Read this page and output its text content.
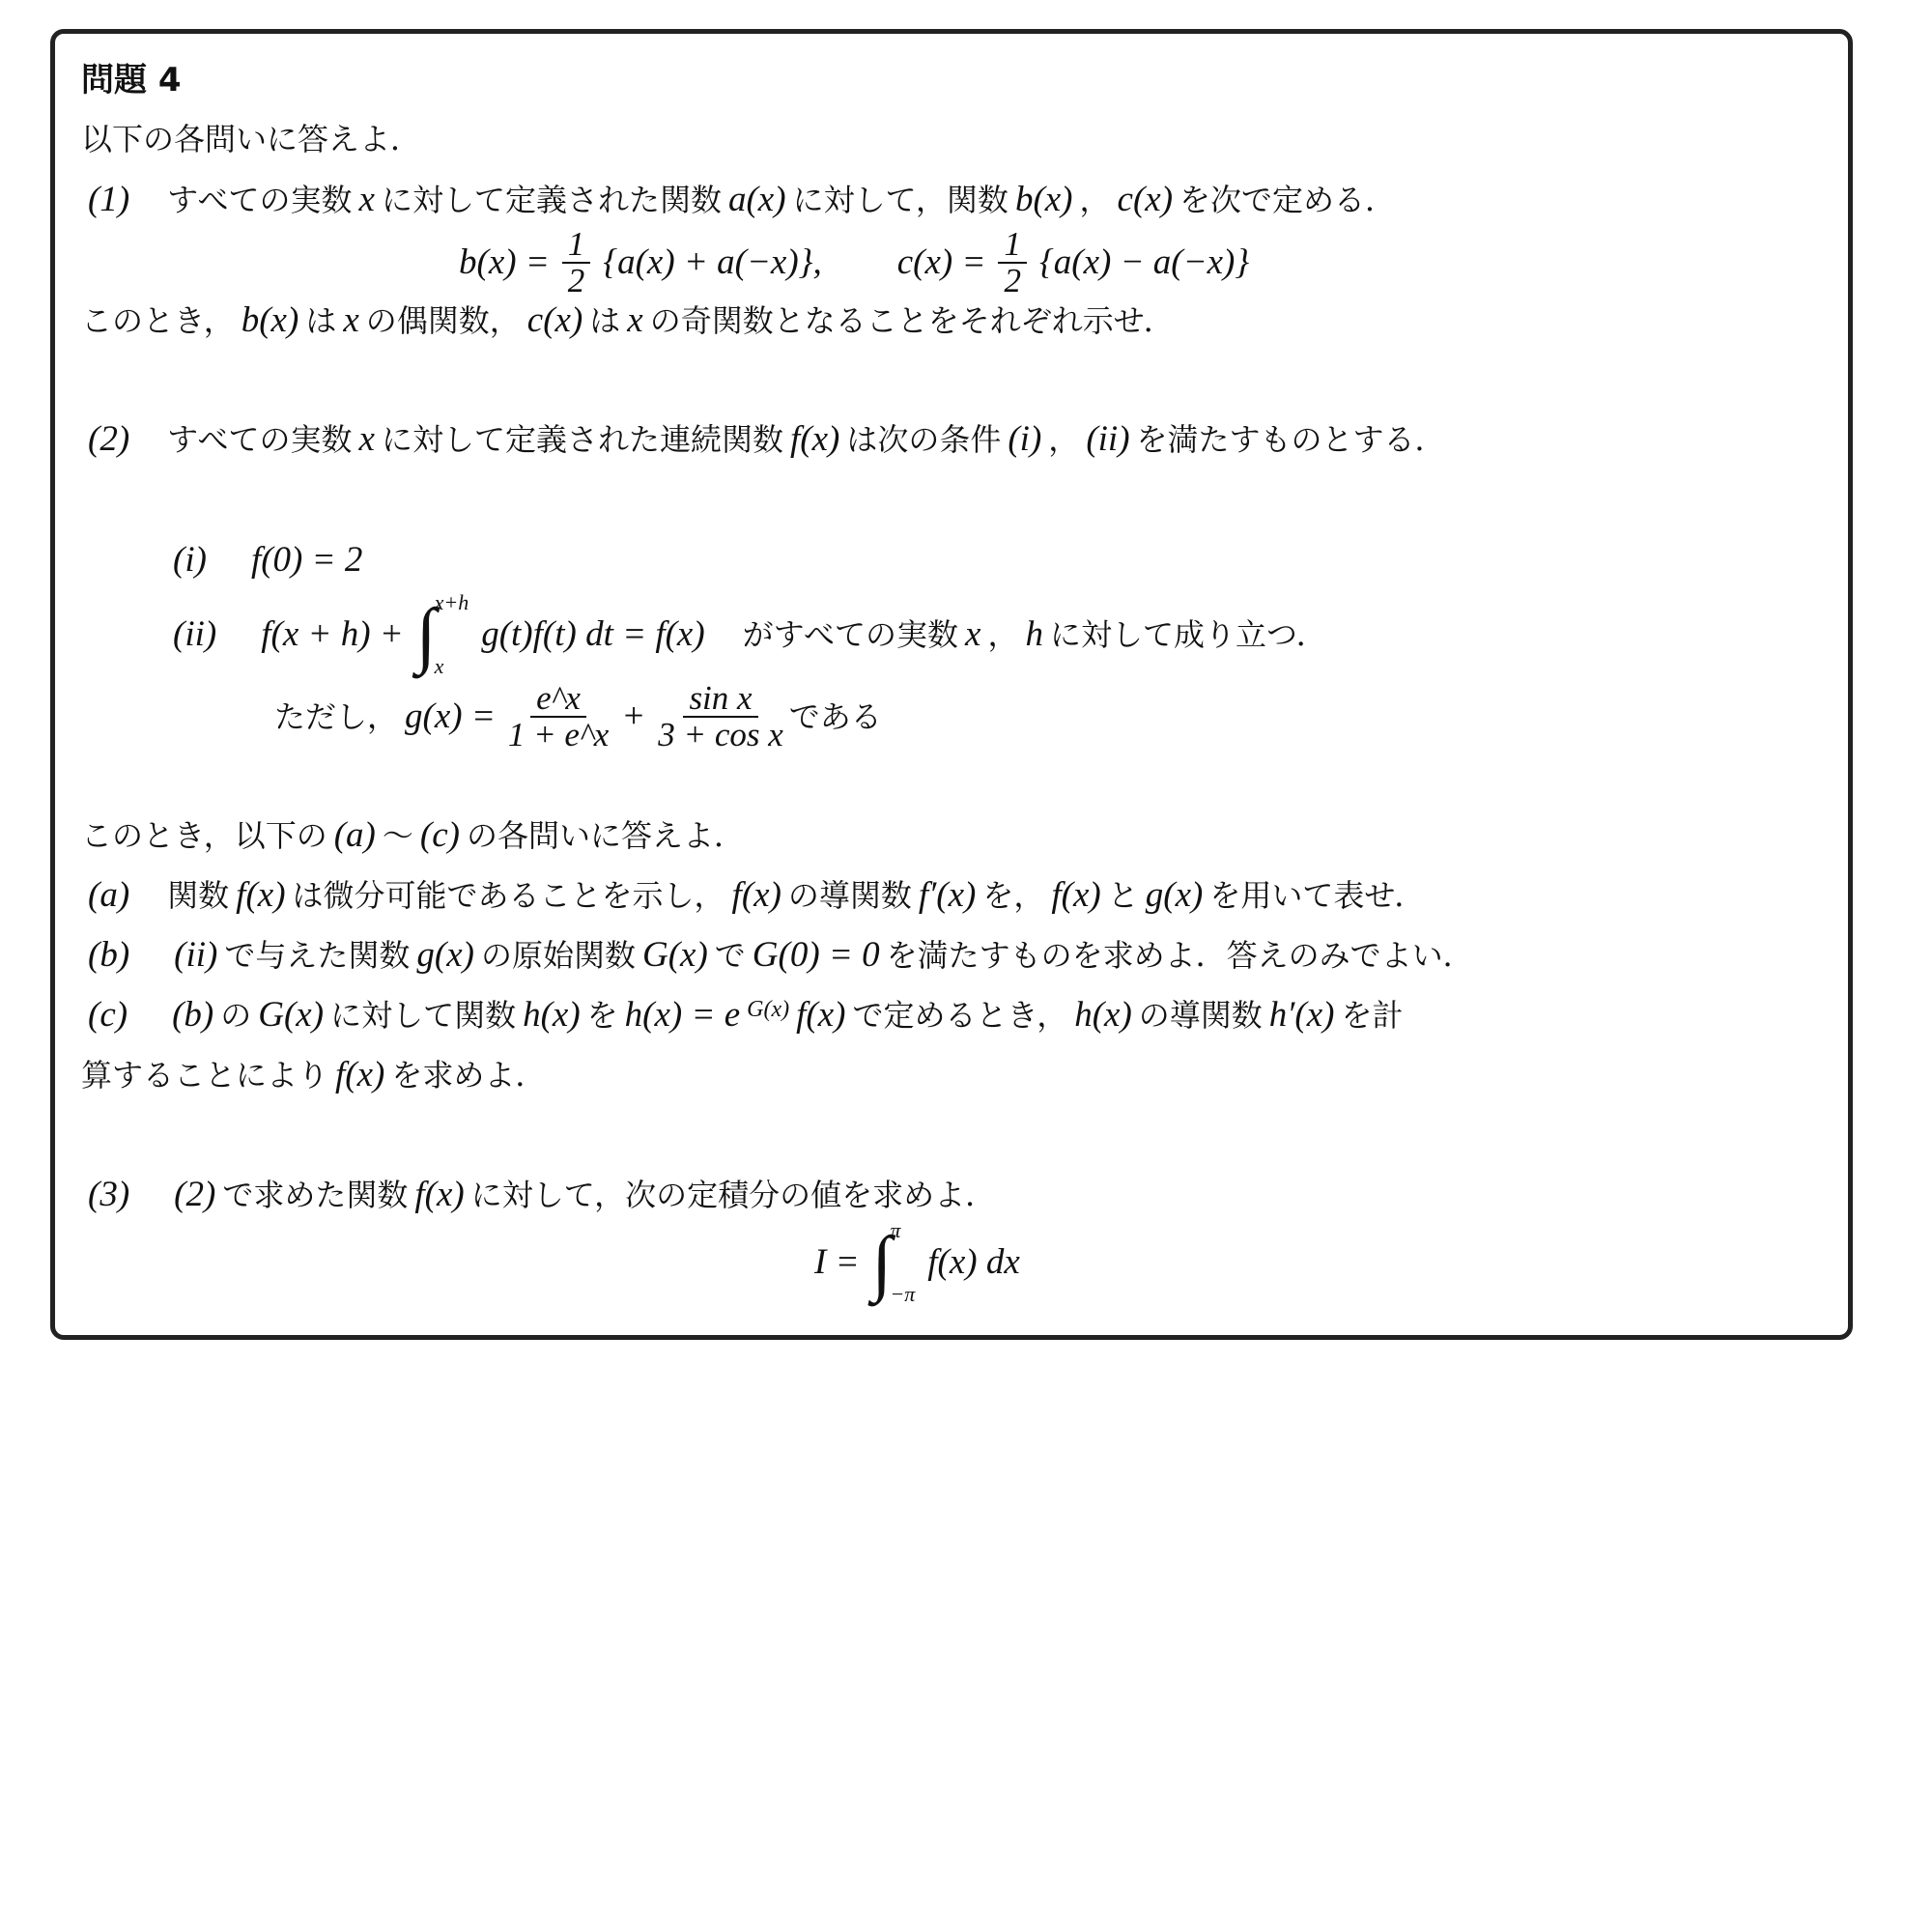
問題 4
以下の各問いに答えよ．
(1) 　すべての実数 x に対して定義された関数 a(x) に対して，関数 b(x) ， c(x) を次で定める．
$b(x) = \frac{1}{2} \{a(x) + a(-x)\}$,
　　 $c(x) = \frac{1}{2} \{a(x) - a(-x)\}$
このとき， b(x) は x の偶関数， c(x) は x の奇関数となることをそれぞれ示せ．
(2) 　すべての実数 x に対して定義された連続関数 f(x) は次の条件 (i) ， (ii) を満たすものとする．
(i)
　 f(0) = 2
(ii)
　 f(x + h) + ∫
x+h
x
g(t)f(t) dt = f(x) 　がすべての実数 x ， h に対して成り立つ．
ただし， $g(x) = \frac{e\^{}x}{1 + e\^{}x} + \frac{\text{sin x}}{\text{3 + cos x}}$ である
このとき，以下の (a) 〜 (c) の各問いに答えよ．
(a) 　関数 f(x) は微分可能であることを示し， f(x) の導関数 f′(x) を， f(x) と g(x) を用いて表せ．
(b)
　 (ii) で与えた関数 g(x) の原始関数 G(x) で G(0) = 0 を満たすものを求めよ．答えのみでよい．
(c)
　 (b) の G(x) に対して関数 h(x) を h(x) = e G(x) f(x) で定めるとき， h(x) の導関数 h′(x) を計
算することにより f(x) を求めよ．
(3)
　 (2) で求めた関数 f(x) に対して，次の定積分の値を求めよ．
I = ∫
π
−π
f(x) dx
